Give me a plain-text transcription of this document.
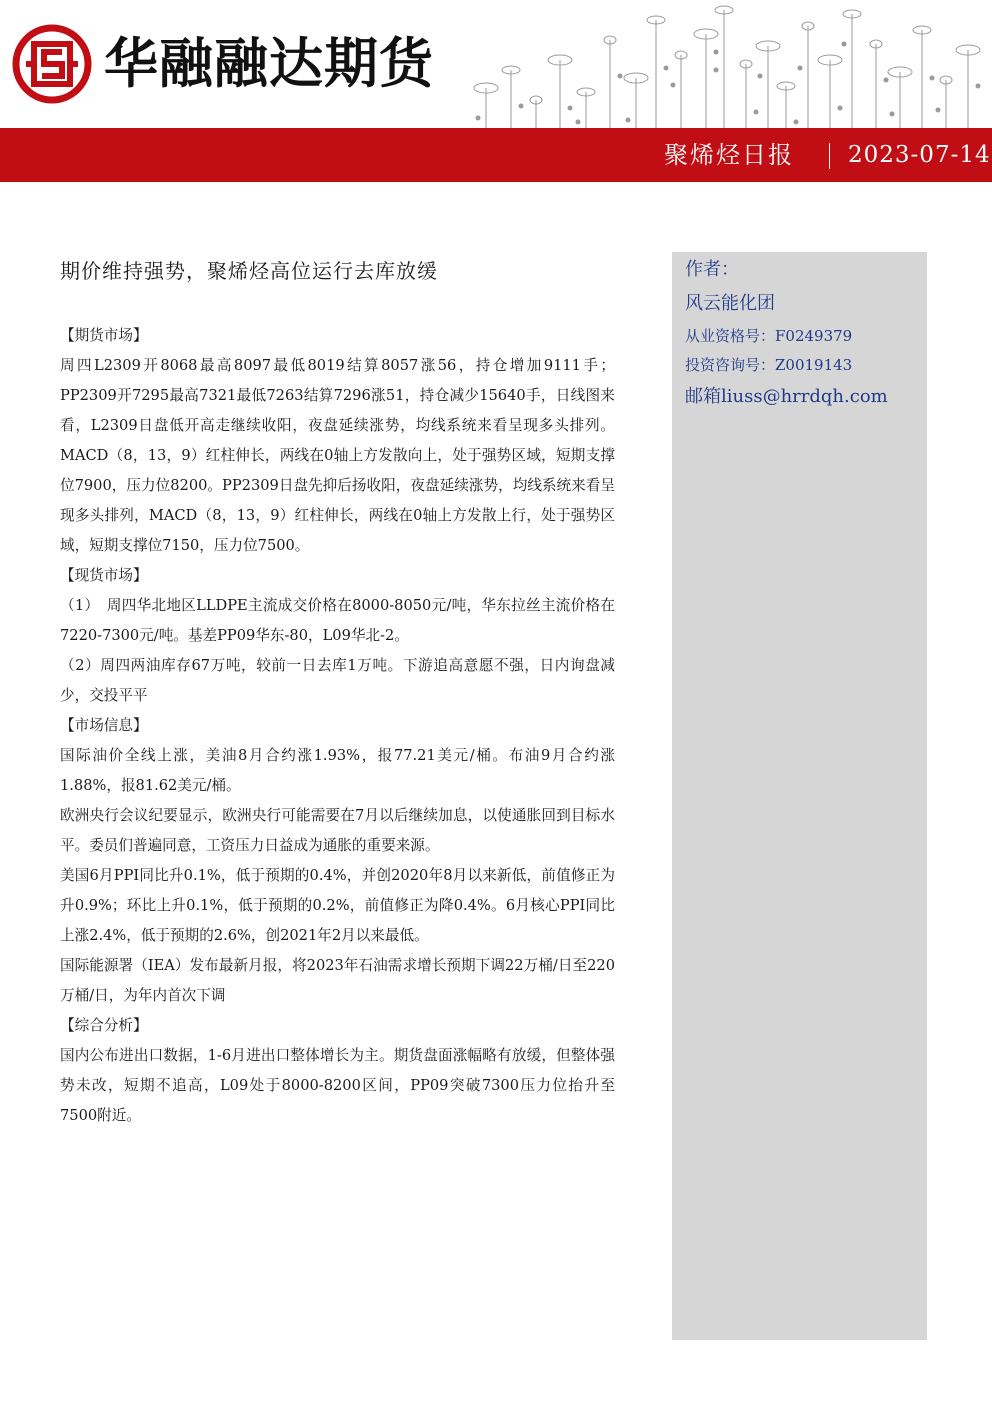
华融融达期货
聚烯烃日报 2023-07-14
作者：
风云能化团
从业资格号：F0249379
投资咨询号：Z0019143
邮箱liuss@hrrdqh.com
期价维持强势，聚烯烃高位运行去库放缓

【期货市场】

周四L2309开8068最高8097最低8019结算8057涨56，持仓增加9111手；PP2309开7295最高7321最低7263结算7296涨51，持仓减少15640手，日线图来看，L2309日盘低开高走继续收阳，夜盘延续涨势，均线系统来看呈现多头排列。MACD（8，13，9）红柱伸长，两线在0轴上方发散向上，处于强势区域，短期支撑位7900，压力位8200。PP2309日盘先抑后扬收阳，夜盘延续涨势，均线系统来看呈现多头排列，MACD（8，13，9）红柱伸长，两线在0轴上方发散上行，处于强势区域，短期支撑位7150，压力位7500。

【现货市场】

（1）　周四华北地区LLDPE主流成交价格在8000-8050元/吨，华东拉丝主流价格在7220-7300元/吨。基差PP09华东-80，L09华北-2。

（2）周四两油库存67万吨，较前一日去库1万吨。下游追高意愿不强，日内询盘减少，交投平平

【市场信息】

国际油价全线上涨，美油8月合约涨1.93%，报77.21美元/桶。布油9月合约涨1.88%，报81.62美元/桶。

欧洲央行会议纪要显示，欧洲央行可能需要在7月以后继续加息，以使通胀回到目标水平。委员们普遍同意，工资压力日益成为通胀的重要来源。

美国6月PPI同比升0.1%，低于预期的0.4%，并创2020年8月以来新低，前值修正为升0.9%；环比上升0.1%，低于预期的0.2%，前值修正为降0.4%。6月核心PPI同比上涨2.4%，低于预期的2.6%，创2021年2月以来最低。

国际能源署（IEA）发布最新月报，将2023年石油需求增长预期下调22万桶/日至220万桶/日，为年内首次下调

【综合分析】

国内公布进出口数据，1-6月进出口整体增长为主。期货盘面涨幅略有放缓，但整体强势未改，短期不追高，L09处于8000-8200区间，PP09突破7300压力位抬升至7500附近。
